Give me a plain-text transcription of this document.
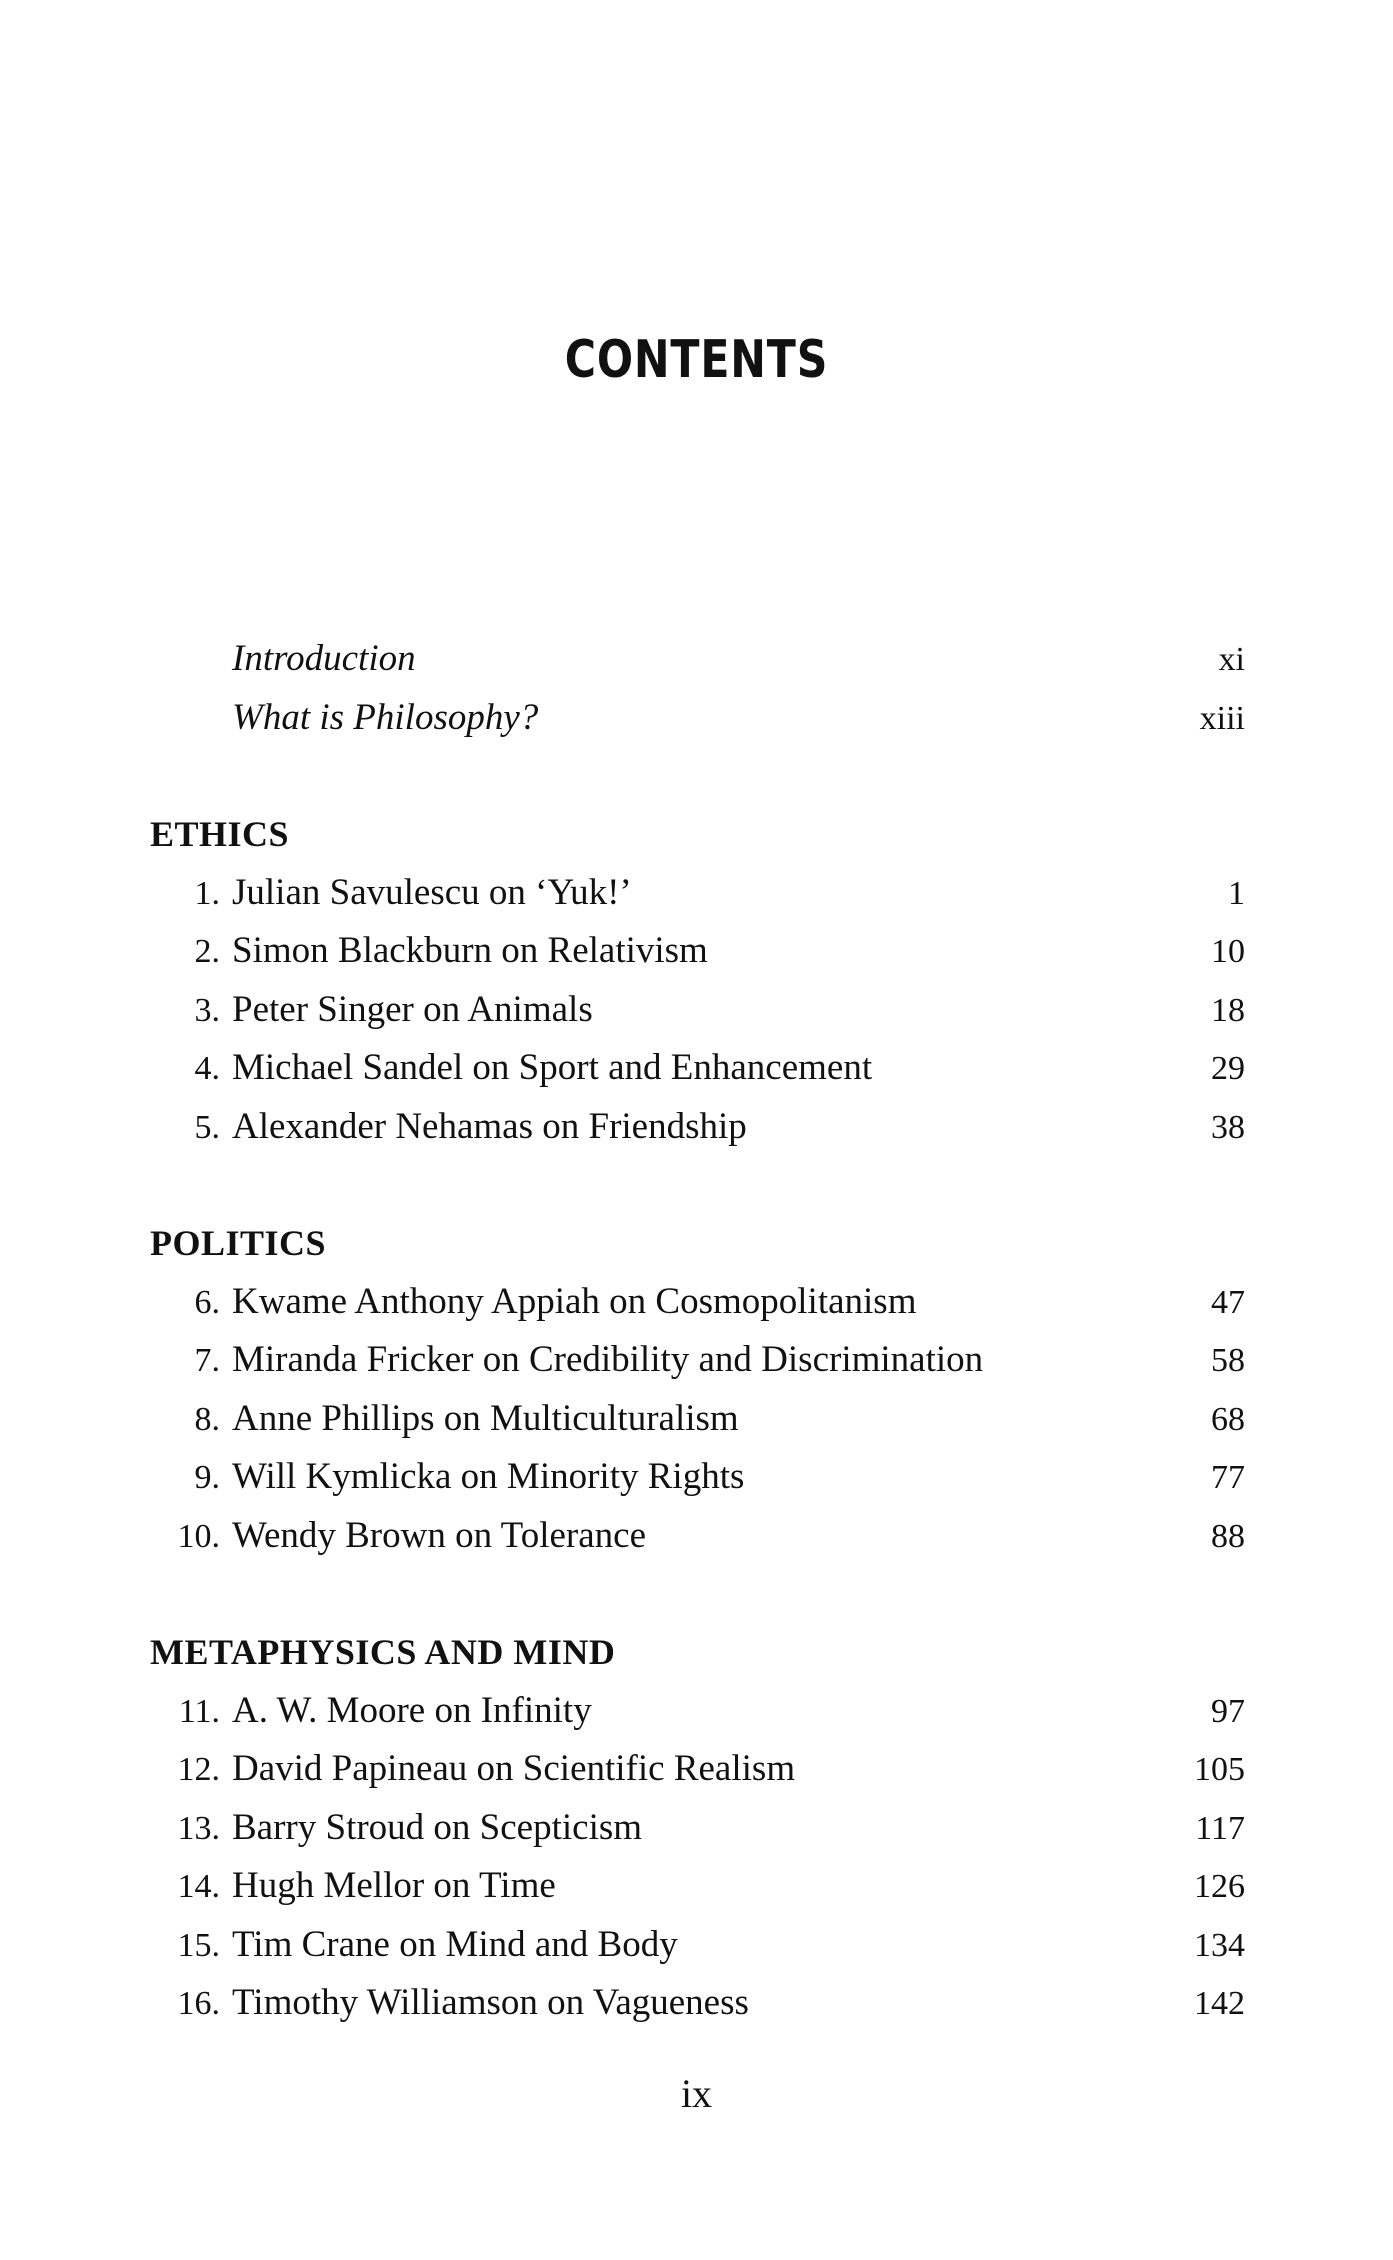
CONTENTS
Introduction	xi
What is Philosophy?	xiii
ETHICS
1. Julian Savulescu on ‘Yuk!’	1
2. Simon Blackburn on Relativism	10
3. Peter Singer on Animals	18
4. Michael Sandel on Sport and Enhancement	29
5. Alexander Nehamas on Friendship	38
POLITICS
6. Kwame Anthony Appiah on Cosmopolitanism	47
7. Miranda Fricker on Credibility and Discrimination	58
8. Anne Phillips on Multiculturalism	68
9. Will Kymlicka on Minority Rights	77
10. Wendy Brown on Tolerance	88
METAPHYSICS AND MIND
11. A. W. Moore on Infinity	97
12. David Papineau on Scientific Realism	105
13. Barry Stroud on Scepticism	117
14. Hugh Mellor on Time	126
15. Tim Crane on Mind and Body	134
16. Timothy Williamson on Vagueness	142
ix
